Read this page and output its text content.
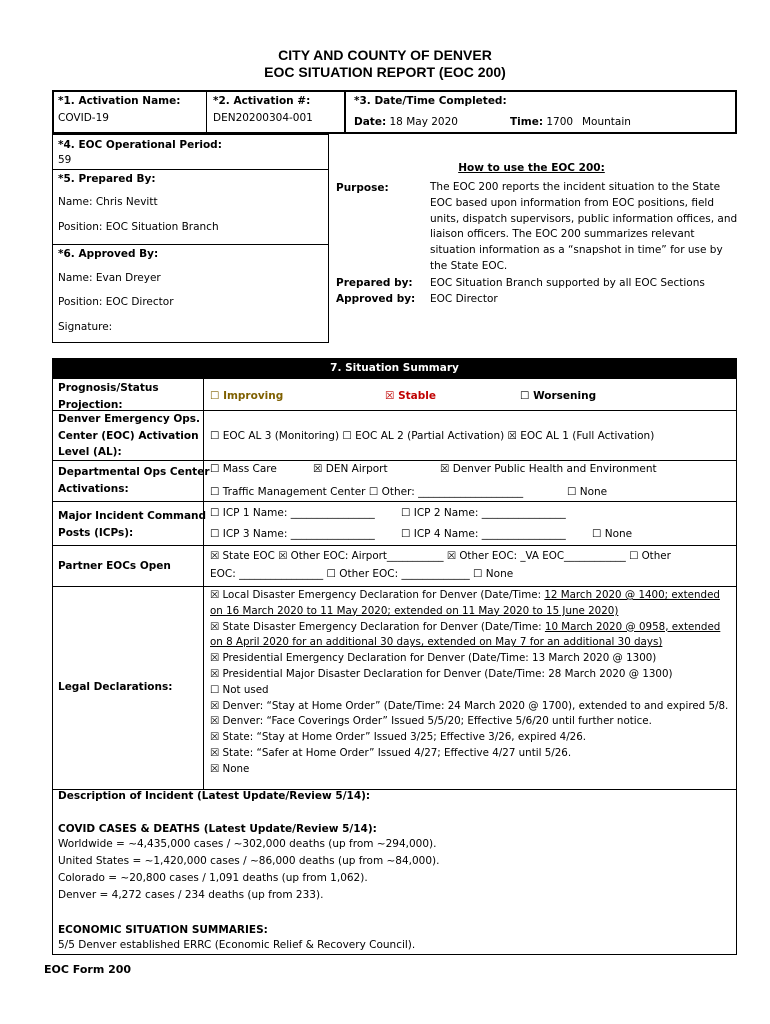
CITY AND COUNTY OF DENVER
EOC SITUATION REPORT (EOC 200)
*1. Activation Name:
COVID-19
*2. Activation #:
DEN20200304-001
*3. Date/Time Completed:
Date: 18 May 2020	Time: 1700 Mountain
*4. EOC Operational Period:
59
*5. Prepared By:
Name: Chris Nevitt
Position: EOC Situation Branch
*6. Approved By:
Name: Evan Dreyer
Position: EOC Director
Signature:
How to use the EOC 200:
Purpose:	The EOC 200 reports the incident situation to the State
EOC based upon information from EOC positions, field
units, dispatch supervisors, public information offices, and
liaison officers. The EOC 200 summarizes relevant
situation information as a “snapshot in time” for use by
the State EOC.
Prepared by: EOC Situation Branch supported by all EOC Sections
Approved by: EOC Director
7. Situation Summary
Prognosis/Status
Projection:
☐ Improving	☒ Stable	☐ Worsening
Denver Emergency Ops.
Center (EOC) Activation
Level (AL):
☐ EOC AL 3 (Monitoring) ☐ EOC AL 2 (Partial Activation) ☒ EOC AL 1 (Full Activation)
Departmental Ops Center
Activations:
☐ Mass Care	☒ DEN Airport	☒ Denver Public Health and Environment
☐ Traffic Management Center ☐ Other: ____________________	☐ None
Major Incident Command
Posts (ICPs):
☐ ICP 1 Name: ________________	☐ ICP 2 Name: ________________
☐ ICP 3 Name: ________________	☐ ICP 4 Name: ________________	☐ None
Partner EOCs Open
☒ State EOC ☒ Other EOC: Airport___________ ☒ Other EOC: _VA EOC____________ ☐ Other
EOC: ________________ ☐ Other EOC: _____________ ☐ None
Legal Declarations:
☒ Local Disaster Emergency Declaration for Denver (Date/Time: 12 March 2020 @ 1400; extended
on 16 March 2020 to 11 May 2020; extended on 11 May 2020 to 15 June 2020)
☒ State Disaster Emergency Declaration for Denver (Date/Time: 10 March 2020 @ 0958, extended
on 8 April 2020 for an additional 30 days, extended on May 7 for an additional 30 days)
☒ Presidential Emergency Declaration for Denver (Date/Time: 13 March 2020 @ 1300)
☒ Presidential Major Disaster Declaration for Denver (Date/Time: 28 March 2020 @ 1300)
☐ Not used
☒ Denver: “Stay at Home Order” (Date/Time: 24 March 2020 @ 1700), extended to and expired 5/8.
☒ Denver: “Face Coverings Order” Issued 5/5/20; Effective 5/6/20 until further notice.
☒ State: “Stay at Home Order” Issued 3/25; Effective 3/26, expired 4/26.
☒ State: “Safer at Home Order” Issued 4/27; Effective 4/27 until 5/26.
☒ None
Description of Incident (Latest Update/Review 5/14):
COVID CASES & DEATHS (Latest Update/Review 5/14):
Worldwide = ~4,435,000 cases / ~302,000 deaths (up from ~294,000).
United States = ~1,420,000 cases / ~86,000 deaths (up from ~84,000).
Colorado = ~20,800 cases / 1,091 deaths (up from 1,062).
Denver = 4,272 cases / 234 deaths (up from 233).
ECONOMIC SITUATION SUMMARIES:
5/5 Denver established ERRC (Economic Relief & Recovery Council).
EOC Form 200
